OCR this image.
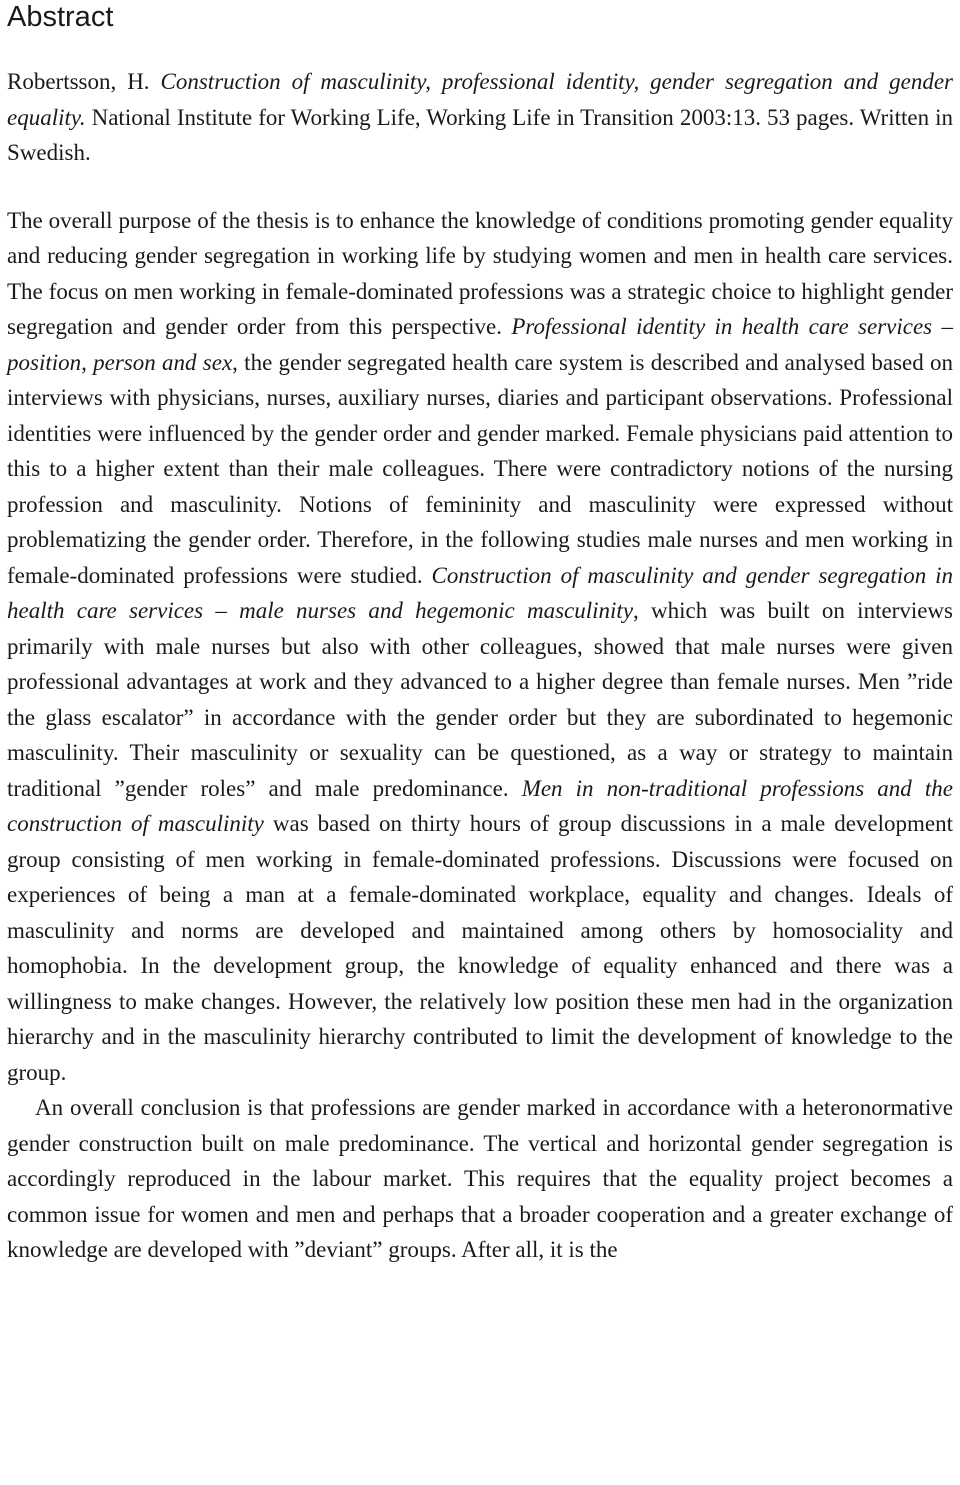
Abstract

Robertsson, H. Construction of masculinity, professional identity, gender segregation and gender equality. National Institute for Working Life, Working Life in Transition 2003:13. 53 pages. Written in Swedish.

The overall purpose of the thesis is to enhance the knowledge of conditions promoting gender equality and reducing gender segregation in working life by studying women and men in health care services. The focus on men working in female-dominated professions was a strategic choice to highlight gender segregation and gender order from this perspective. Professional identity in health care services – position, person and sex, the gender segregated health care system is described and analysed based on interviews with physicians, nurses, auxiliary nurses, diaries and participant observations. Professional identities were influenced by the gender order and gender marked. Female physicians paid attention to this to a higher extent than their male colleagues. There were contradictory notions of the nursing profession and masculinity. Notions of femininity and masculinity were expressed without problematizing the gender order. Therefore, in the following studies male nurses and men working in female-dominated professions were studied. Construction of masculinity and gender segregation in health care services – male nurses and hegemonic masculinity, which was built on interviews primarily with male nurses but also with other colleagues, showed that male nurses were given professional advantages at work and they advanced to a higher degree than female nurses. Men ”ride the glass escalator” in accordance with the gender order but they are subordinated to hegemonic masculinity. Their masculinity or sexuality can be questioned, as a way or strategy to maintain traditional ”gender roles” and male predominance. Men in non-traditional professions and the construction of masculinity was based on thirty hours of group discussions in a male development group consisting of men working in female-dominated professions. Discussions were focused on experiences of being a man at a female-dominated workplace, equality and changes. Ideals of masculinity and norms are developed and maintained among others by homosociality and homophobia. In the development group, the knowledge of equality enhanced and there was a willingness to make changes. However, the relatively low position these men had in the organization hierarchy and in the masculinity hierarchy contributed to limit the development of knowledge to the group.

An overall conclusion is that professions are gender marked in accordance with a heteronormative gender construction built on male predominance. The vertical and horizontal gender segregation is accordingly reproduced in the labour market. This requires that the equality project becomes a common issue for women and men and perhaps that a broader cooperation and a greater exchange of knowledge are developed with ”deviant” groups. After all, it is the
